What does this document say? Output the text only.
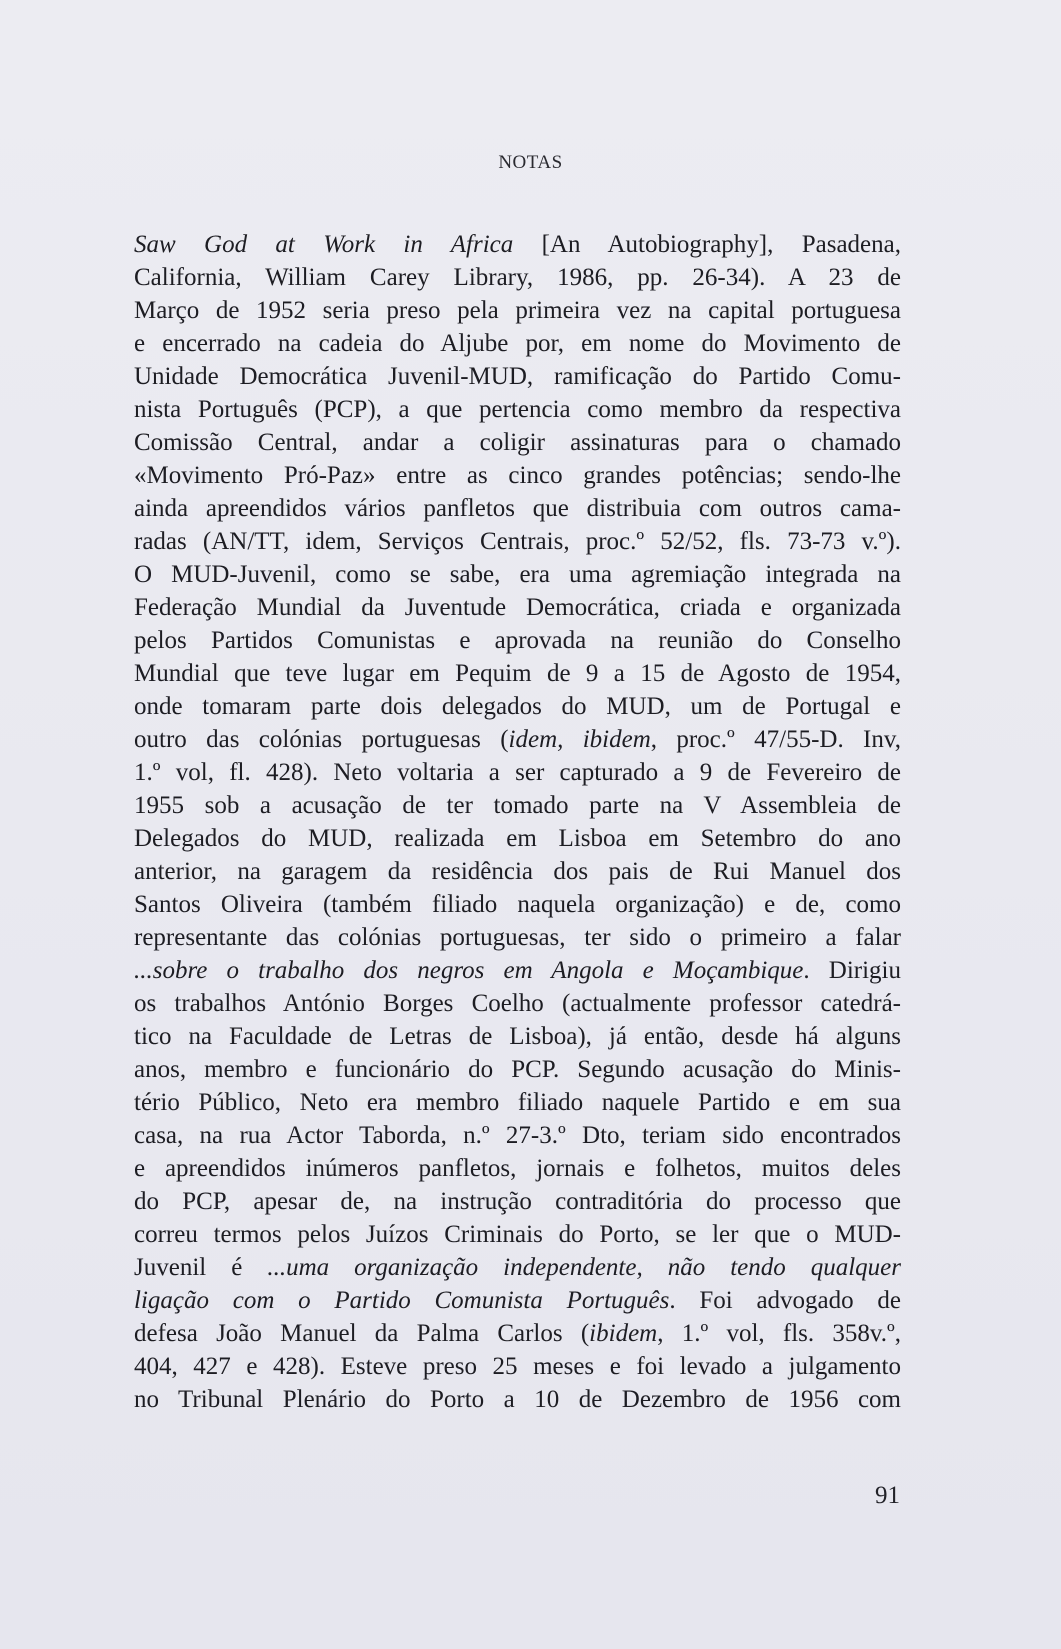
NOTAS
Saw God at Work in Africa [An Autobiography], Pasadena,
California, William Carey Library, 1986, pp. 26-34). A 23 de
Março de 1952 seria preso pela primeira vez na capital portuguesa
e encerrado na cadeia do Aljube por, em nome do Movimento de
Unidade Democrática Juvenil-MUD, ramificação do Partido Comu-
nista Português (PCP), a que pertencia como membro da respectiva
Comissão Central, andar a coligir assinaturas para o chamado
«Movimento Pró-Paz» entre as cinco grandes potências; sendo-lhe
ainda apreendidos vários panfletos que distribuia com outros cama-
radas (AN/TT, idem, Serviços Centrais, proc.º 52/52, fls. 73-73 v.º).
O MUD-Juvenil, como se sabe, era uma agremiação integrada na
Federação Mundial da Juventude Democrática, criada e organizada
pelos Partidos Comunistas e aprovada na reunião do Conselho
Mundial que teve lugar em Pequim de 9 a 15 de Agosto de 1954,
onde tomaram parte dois delegados do MUD, um de Portugal e
outro das colónias portuguesas (idem, ibidem, proc.º 47/55-D. Inv,
1.º vol, fl. 428). Neto voltaria a ser capturado a 9 de Fevereiro de
1955 sob a acusação de ter tomado parte na V Assembleia de
Delegados do MUD, realizada em Lisboa em Setembro do ano
anterior, na garagem da residência dos pais de Rui Manuel dos
Santos Oliveira (também filiado naquela organização) e de, como
representante das colónias portuguesas, ter sido o primeiro a falar
...sobre o trabalho dos negros em Angola e Moçambique. Dirigiu
os trabalhos António Borges Coelho (actualmente professor catedrá-
tico na Faculdade de Letras de Lisboa), já então, desde há alguns
anos, membro e funcionário do PCP. Segundo acusação do Minis-
tério Público, Neto era membro filiado naquele Partido e em sua
casa, na rua Actor Taborda, n.º 27-3.º Dto, teriam sido encontrados
e apreendidos inúmeros panfletos, jornais e folhetos, muitos deles
do PCP, apesar de, na instrução contraditória do processo que
correu termos pelos Juízos Criminais do Porto, se ler que o MUD-
Juvenil é ...uma organização independente, não tendo qualquer
ligação com o Partido Comunista Português. Foi advogado de
defesa João Manuel da Palma Carlos (ibidem, 1.º vol, fls. 358v.º,
404, 427 e 428). Esteve preso 25 meses e foi levado a julgamento
no Tribunal Plenário do Porto a 10 de Dezembro de 1956 com
91
